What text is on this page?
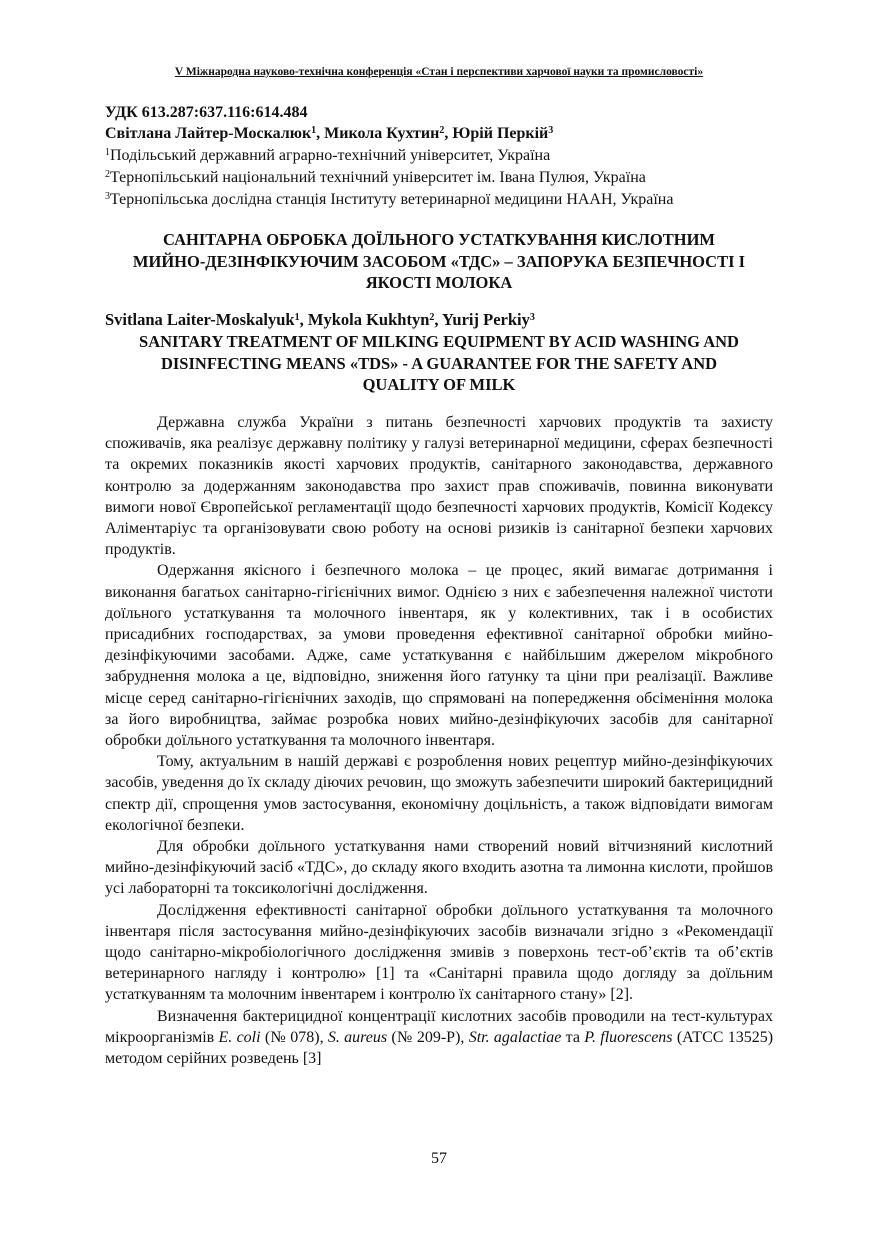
V Міжнародна науково-технічна конференція «Стан і перспективи харчової науки та промисловості»
УДК 613.287:637.116:614.484
Світлана Лайтер-Москалюк$^1$, Микола Кухтин$^2$, Юрій Перкій$^3$
$^1$Подільський державний аграрно-технічний університет, Україна
$^2$Тернопільський національний технічний університет ім. Івана Пулюя, Україна
$^3$Тернопільська дослідна станція Інституту ветеринарної медицини НААН, Україна
САНІТАРНА ОБРОБКА ДОЇЛЬНОГО УСТАТКУВАННЯ КИСЛОТНИМ
МИЙНО-ДЕЗІНФІКУЮЧИМ ЗАСОБОМ «ТДС» – ЗАПОРУКА БЕЗПЕЧНОСТІ І
ЯКОСТІ МОЛОКА
Svitlana Laiter-Moskalyuk$^1$, Mykola Kukhtyn$^2$, Yurij Perkiy$^3$
SANITARY TREATMENT OF MILKING EQUIPMENT BY ACID WASHING AND
DISINFECTING MEANS «TDS» - A GUARANTEE FOR THE SAFETY AND
QUALITY OF MILK

Державна служба України з питань безпечності харчових продуктів та захисту споживачів, яка реалізує державну політику у галузі ветеринарної медицини, сферах безпечності та окремих показників якості харчових продуктів, санітарного законодавства, державного контролю за додержанням законодавства про захист прав споживачів, повинна виконувати вимоги нової Європейської регламентації щодо безпечності харчових продуктів, Комісії Кодексу Аліментаріус та організовувати свою роботу на основі ризиків із санітарної безпеки харчових продуктів.

Одержання якісного і безпечного молока – це процес, який вимагає дотримання і виконання багатьох санітарно-гігієнічних вимог. Однією з них є забезпечення належної чистоти доїльного устаткування та молочного інвентаря, як у колективних, так і в особистих присадибних господарствах, за умови проведення ефективної санітарної обробки мийно-дезінфікуючими засобами. Адже, саме устаткування є найбільшим джерелом мікробного забруднення молока а це, відповідно, зниження його ґатунку та ціни при реалізації. Важливе місце серед санітарно-гігієнічних заходів, що спрямовані на попередження обсіменіння молока за його виробництва, займає розробка нових мийно-дезінфікуючих засобів для санітарної обробки доїльного устаткування та молочного інвентаря.

Тому, актуальним в нашій державі є розроблення нових рецептур мийно-дезінфікуючих засобів, уведення до їх складу діючих речовин, що зможуть забезпечити широкий бактерицидний спектр дії, спрощення умов застосування, економічну доцільність, а також відповідати вимогам екологічної безпеки.

Для обробки доїльного устаткування нами створений новий вітчизняний кислотний мийно-дезінфікуючий засіб «ТДС», до складу якого входить азотна та лимонна кислоти, пройшов усі лабораторні та токсикологічні дослідження.

Дослідження ефективності санітарної обробки доїльного устаткування та молочного інвентаря після застосування мийно-дезінфікуючих засобів визначали згідно з «Рекомендації щодо санітарно-мікробіологічного дослідження змивів з поверхонь тест-об’єктів та об’єктів ветеринарного нагляду і контролю» [1] та «Санітарні правила щодо догляду за доїльним устаткуванням та молочним інвентарем і контролю їх санітарного стану» [2].

Визначення бактерицидної концентрації кислотних засобів проводили на тест-культурах мікроорганізмів E. coli (№ 078), S. aureus (№ 209-Р), Str. agalactiae та P. fluorescens (АТСС 13525) методом серійних розведень [3]

57
